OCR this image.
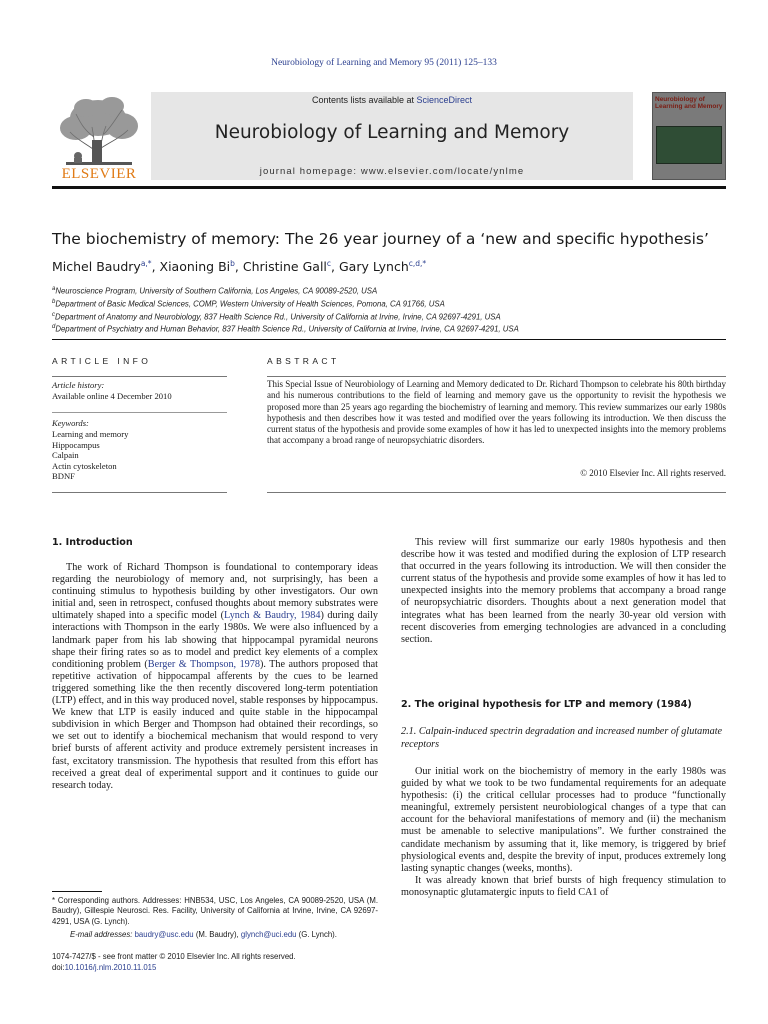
Neurobiology of Learning and Memory 95 (2011) 125–133
ELSEVIER
Contents lists available at ScienceDirect
Neurobiology of Learning and Memory
journal homepage: www.elsevier.com/locate/ynlme
Neurobiology of Learning and Memory
The biochemistry of memory: The 26 year journey of a ‘new and specific hypothesis’
Michel Baudry$^{a,*}$, Xiaoning Bi$^b$, Christine Gall$^c$, Gary Lynch$^{c,d,*}$
$^a$Neuroscience Program, University of Southern California, Los Angeles, CA 90089-2520, USA
$^b$Department of Basic Medical Sciences, COMP, Western University of Health Sciences, Pomona, CA 91766, USA
$^c$Department of Anatomy and Neurobiology, 837 Health Science Rd., University of California at Irvine, Irvine, CA 92697-4291, USA
$^d$Department of Psychiatry and Human Behavior, 837 Health Science Rd., University of California at Irvine, Irvine, CA 92697-4291, USA
ARTICLE INFO	ABSTRACT
Article history:
Available online 4 December 2010
Keywords:
Learning and memory
Hippocampus
Calpain
Actin cytoskeleton
BDNF
This Special Issue of Neurobiology of Learning and Memory dedicated to Dr. Richard Thompson to celebrate his 80th birthday and his numerous contributions to the field of learning and memory gave us the opportunity to revisit the hypothesis we proposed more than 25 years ago regarding the biochemistry of learning and memory. This review summarizes our early 1980s hypothesis and then describes how it was tested and modified over the years following its introduction. We then discuss the current status of the hypothesis and provide some examples of how it has led to unexpected insights into the memory problems that accompany a broad range of neuropsychiatric disorders.
© 2010 Elsevier Inc. All rights reserved.
1. Introduction

The work of Richard Thompson is foundational to contemporary ideas regarding the neurobiology of memory and, not surprisingly, has been a continuing stimulus to hypothesis building by other investigators. Our own initial and, seen in retrospect, confused thoughts about memory substrates were ultimately shaped into a specific model (Lynch & Baudry, 1984) during daily interactions with Thompson in the early 1980s. We were also influenced by a landmark paper from his lab showing that hippocampal pyramidal neurons shape their firing rates so as to model and predict key elements of a complex conditioning problem (Berger & Thompson, 1978). The authors proposed that repetitive activation of hippocampal afferents by the cues to be learned triggered something like the then recently discovered long-term potentiation (LTP) effect, and in this way produced novel, stable responses by hippocampus. We knew that LTP is easily induced and quite stable in the hippocampal subdivision in which Berger and Thompson had obtained their recordings, so we set out to identify a biochemical mechanism that would respond to very brief bursts of afferent activity and produce extremely persistent increases in fast, excitatory transmission. The hypothesis that resulted from this effort has received a great deal of experimental support and it continues to guide our research today.

This review will first summarize our early 1980s hypothesis and then describe how it was tested and modified during the explosion of LTP research that occurred in the years following its introduction. We will then consider the current status of the hypothesis and provide some examples of how it has led to unexpected insights into the memory problems that accompany a broad range of neuropsychiatric disorders. Thoughts about a next generation model that integrates what has been learned from the nearly 30-year old version with recent discoveries from emerging technologies are advanced in a concluding section.

2. The original hypothesis for LTP and memory (1984)
2.1. Calpain-induced spectrin degradation and increased number of glutamate receptors

Our initial work on the biochemistry of memory in the early 1980s was guided by what we took to be two fundamental requirements for an adequate hypothesis: (i) the critical cellular processes had to produce “functionally meaningful, extremely persistent neurobiological changes of a type that can account for the behavioral manifestations of memory and (ii) the mechanism must be amenable to selective manipulations”. We further constrained the candidate mechanism by assuming that it, like memory, is triggered by brief physiological events and, despite the brevity of input, produces extremely long lasting synaptic changes (weeks, months).

It was already known that brief bursts of high frequency stimulation to monosynaptic glutamatergic inputs to field CA1 of

* Corresponding authors. Addresses: HNB534, USC, Los Angeles, CA 90089-2520, USA (M. Baudry), Gillespie Neurosci. Res. Facility, University of California at Irvine, Irvine, CA 92697-4291, USA (G. Lynch).
E-mail addresses: baudry@usc.edu (M. Baudry), glynch@uci.edu (G. Lynch).
1074-7427/$ - see front matter © 2010 Elsevier Inc. All rights reserved.
doi:10.1016/j.nlm.2010.11.015
